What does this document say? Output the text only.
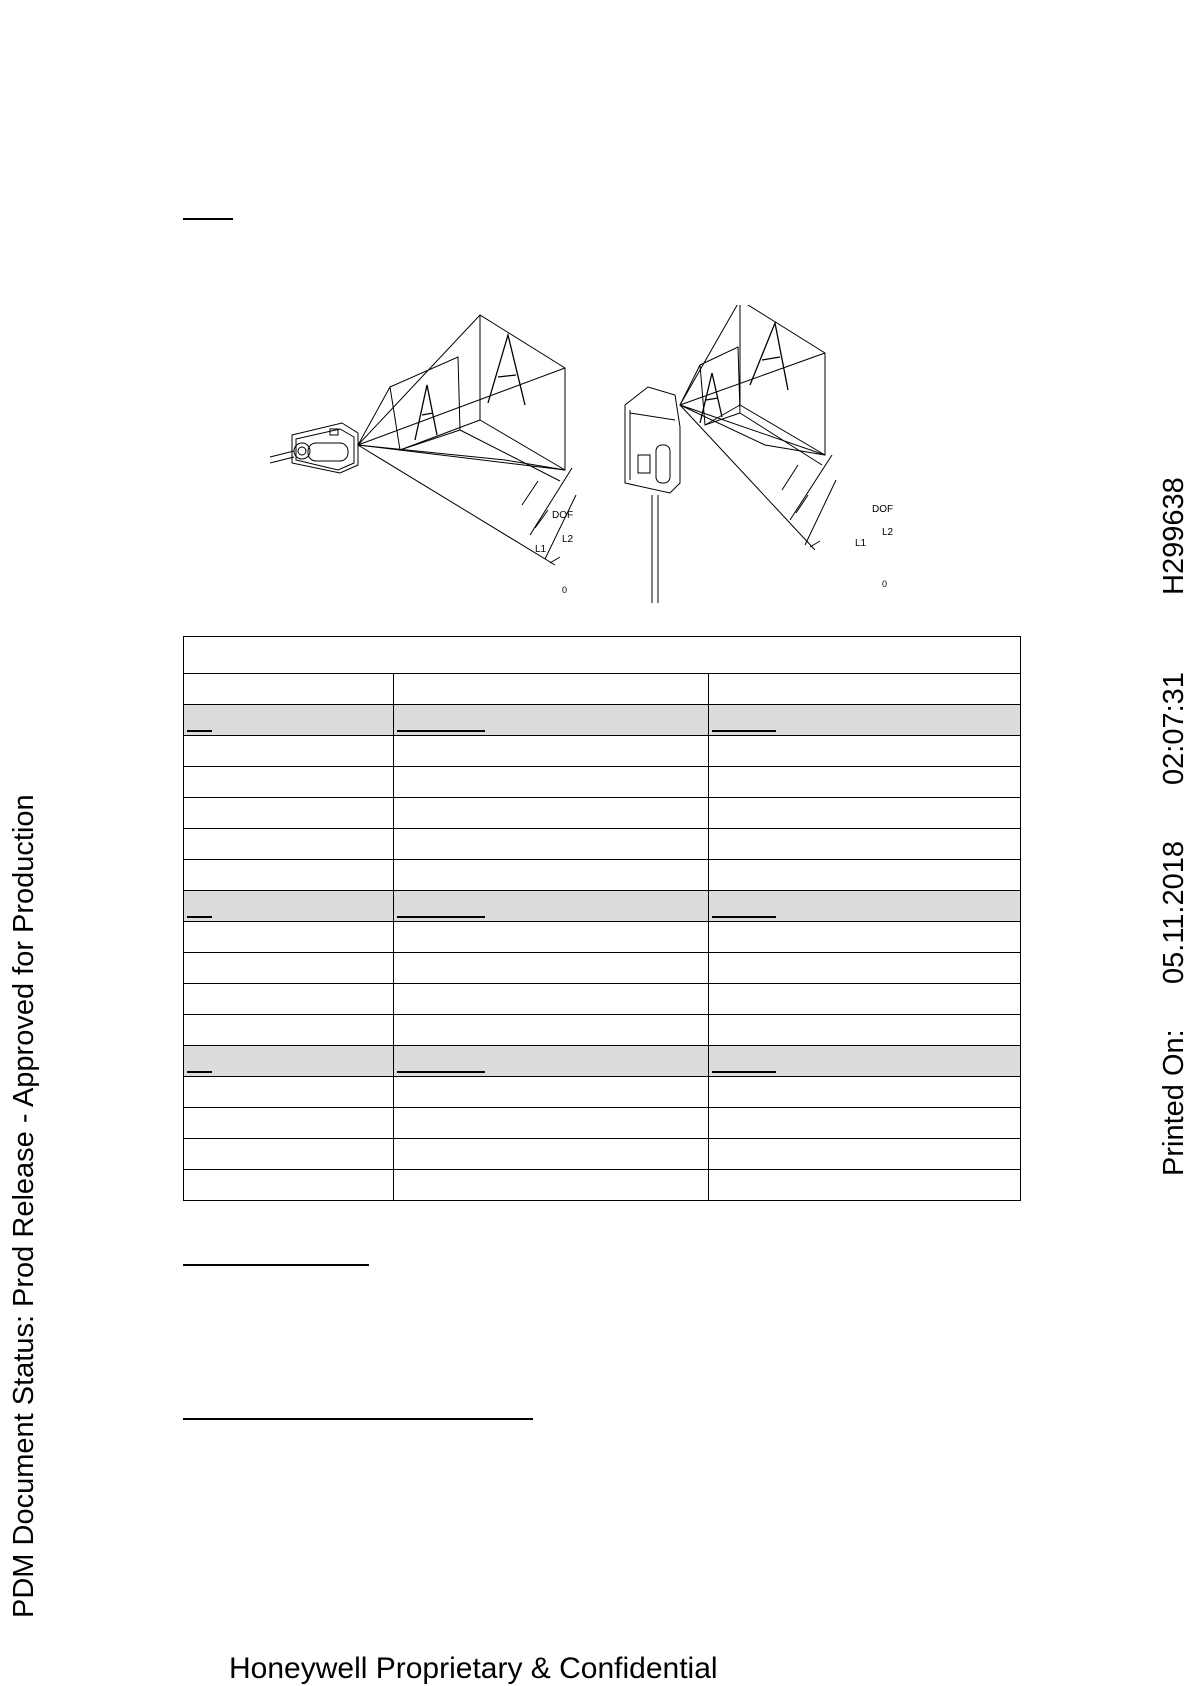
DOF
L1
L2
0
DOF
L1
L2
0

PDM Document Status: Prod Release - Approved for Production	Printed On:
05.11.2018
02:07:31
H299638
Honeywell Proprietary & Confidential
